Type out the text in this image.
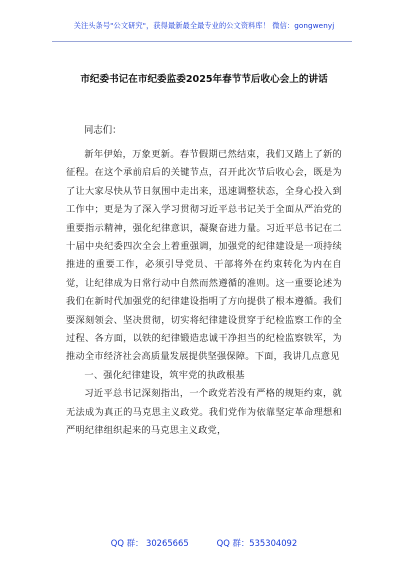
关注头条号"公文研究"，获得最新最全最专业的公文资料库！ 微信：gongwenyj
市纪委书记在市纪委监委2025年春节节后收心会上的讲话
同志们：

新年伊始，万象更新。春节假期已然结束，我们又踏上了新的征程。在这个承前启后的关键节点，召开此次节后收心会，既是为了让大家尽快从节日氛围中走出来，迅速调整状态，全身心投入到工作中；更是为了深入学习贯彻习近平总书记关于全面从严治党的重要指示精神，强化纪律意识，凝聚奋进力量。习近平总书记在二十届中央纪委四次全会上着重强调，加强党的纪律建设是一项持续推进的重要工作，必须引导党员、干部将外在约束转化为内在自觉，让纪律成为日常行动中自然而然遵循的准则。这一重要论述为我们在新时代加强党的纪律建设指明了方向提供了根本遵循。我们要深刻领会、坚决贯彻，切实将纪律建设贯穿于纪检监察工作的全过程、各方面，以铁的纪律锻造忠诚干净担当的纪检监察铁军，为推动全市经济社会高质量发展提供坚强保障。下面，我讲几点意见

一、强化纪律建设，筑牢党的执政根基

习近平总书记深刻指出，一个政党若没有严格的规矩约束，就无法成为真正的马克思主义政党。我们党作为依靠坚定革命理想和严明纪律组织起来的马克思主义政党，

QQ 群： 30265665	QQ 群：535304092
